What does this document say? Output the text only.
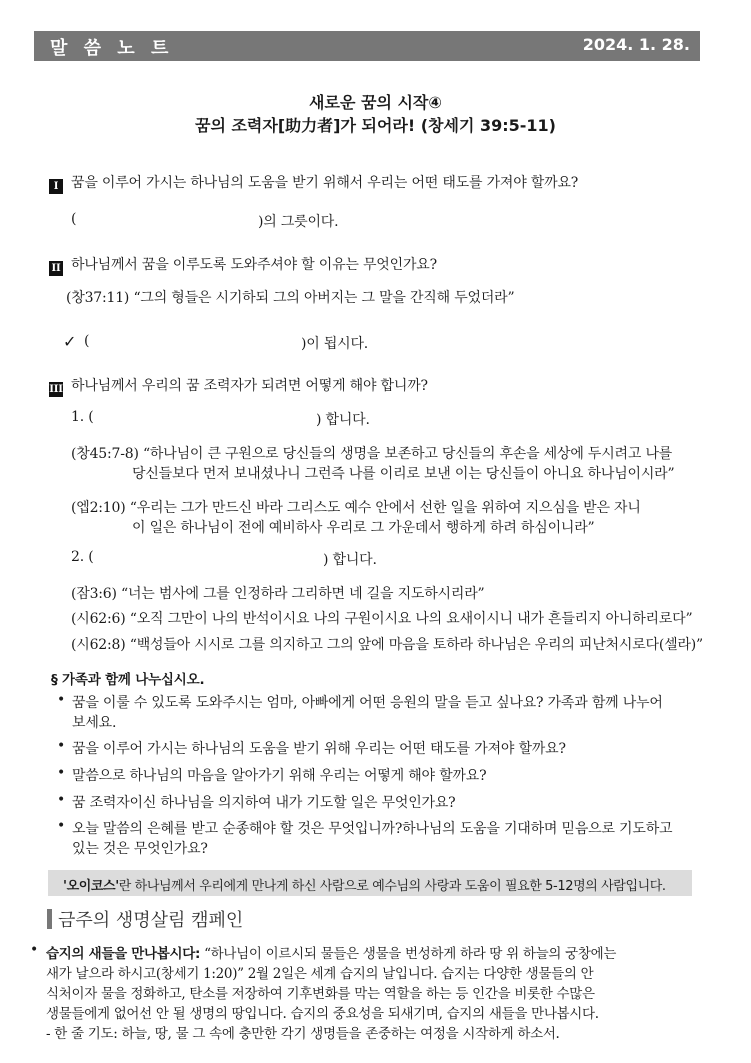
말 씀 노 트	2024. 1. 28.
새로운 꿈의 시작④
꿈의 조력자[助力者]가 되어라! (창세기 39:5-11)
I 꿈을 이루어 가시는 하나님의 도움을 받기 위해서 우리는 어떤 태도를 가져야 할까요?
(	)의 그릇이다.
II 하나님께서 꿈을 이루도록 도와주셔야 할 이유는 무엇인가요?
(창37:11) “그의 형들은 시기하되 그의 아버지는 그 말을 간직해 두었더라”
✓ (	)이 됩시다.
III 하나님께서 우리의 꿈 조력자가 되려면 어떻게 해야 합니까?
1. (	) 합니다.
(창45:7-8) “하나님이 큰 구원으로 당신들의 생명을 보존하고 당신들의 후손을 세상에 두시려고 나를
당신들보다 먼저 보내셨나니 그런즉 나를 이리로 보낸 이는 당신들이 아니요 하나님이시라”
(엡2:10) “우리는 그가 만드신 바라 그리스도 예수 안에서 선한 일을 위하여 지으심을 받은 자니
이 일은 하나님이 전에 예비하사 우리로 그 가운데서 행하게 하려 하심이니라”
2. (	) 합니다.
(잠3:6) “너는 범사에 그를 인정하라 그리하면 네 길을 지도하시리라”
(시62:6) “오직 그만이 나의 반석이시요 나의 구원이시요 나의 요새이시니 내가 흔들리지 아니하리로다”
(시62:8) “백성들아 시시로 그를 의지하고 그의 앞에 마음을 토하라 하나님은 우리의 피난처시로다(셀라)”
§ 가족과 함께 나누십시오.
• 꿈을 이룰 수 있도록 도와주시는 엄마, 아빠에게 어떤 응원의 말을 듣고 싶나요? 가족과 함께 나누어
보세요.
• 꿈을 이루어 가시는 하나님의 도움을 받기 위해 우리는 어떤 태도를 가져야 할까요?
• 말씀으로 하나님의 마음을 알아가기 위해 우리는 어떻게 해야 할까요?
• 꿈 조력자이신 하나님을 의지하여 내가 기도할 일은 무엇인가요?
• 오늘 말씀의 은혜를 받고 순종해야 할 것은 무엇입니까?하나님의 도움을 기대하며 믿음으로 기도하고
있는 것은 무엇인가요?
'오이코스'란 하나님께서 우리에게 만나게 하신 사람으로 예수님의 사랑과 도움이 필요한 5-12명의 사람입니다.
금주의 생명살림 캠페인
• 습지의 새들을 만나봅시다: “하나님이 이르시되 물들은 생물을 번성하게 하라 땅 위 하늘의 궁창에는
새가 날으라 하시고(창세기 1:20)” 2월 2일은 세계 습지의 날입니다. 습지는 다양한 생물들의 안
식처이자 물을 정화하고, 탄소를 저장하여 기후변화를 막는 역할을 하는 등 인간을 비롯한 수많은
생물들에게 없어선 안 될 생명의 땅입니다. 습지의 중요성을 되새기며, 습지의 새들을 만나봅시다.
- 한 줄 기도: 하늘, 땅, 물 그 속에 충만한 각기 생명들을 존중하는 여정을 시작하게 하소서.
